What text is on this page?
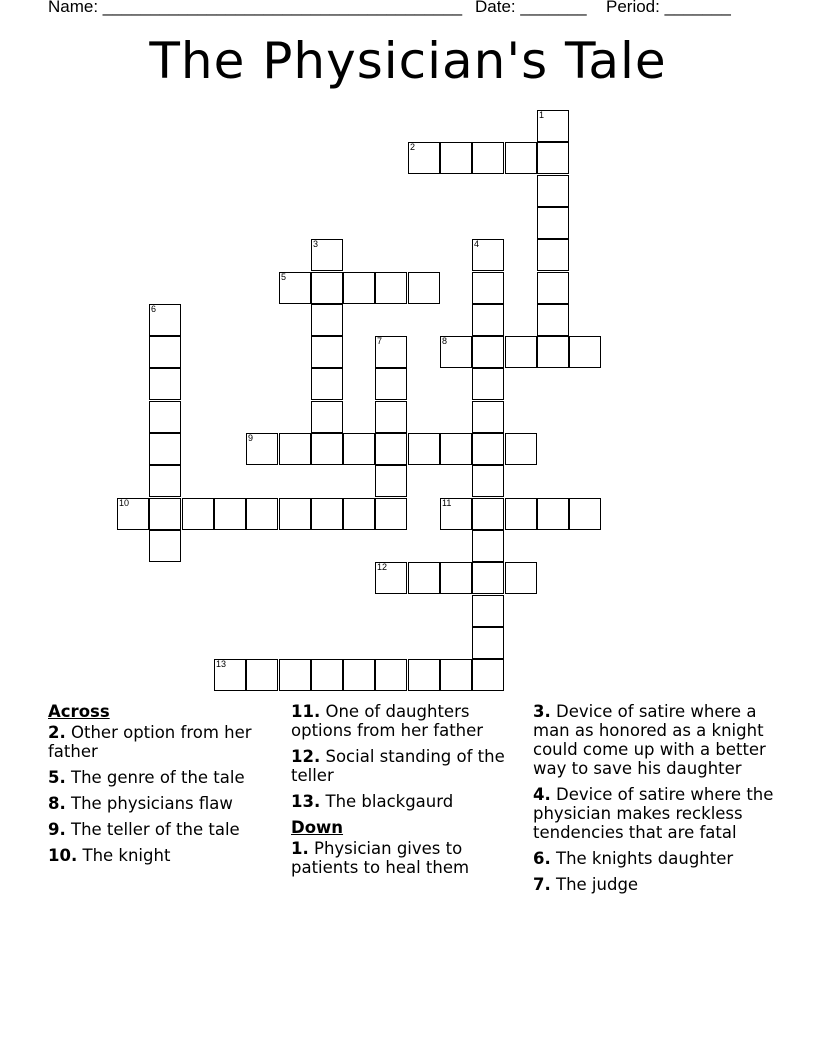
Name: ______________________________________ Date: _______ Period: _______
The Physician's Tale
1
2
3	4
5
6
7	8
9
10	11
12
13
Across
2. Other option from her father
5. The genre of the tale
8. The physicians flaw
9. The teller of the tale
10. The knight
11. One of daughters options from her father
12. Social standing of the teller
13. The blackgaurd
Down
1. Physician gives to patients to heal them
3. Device of satire where a man as honored as a knight could come up with a better way to save his daughter
4. Device of satire where the physician makes reckless tendencies that are fatal
6. The knights daughter
7. The judge
